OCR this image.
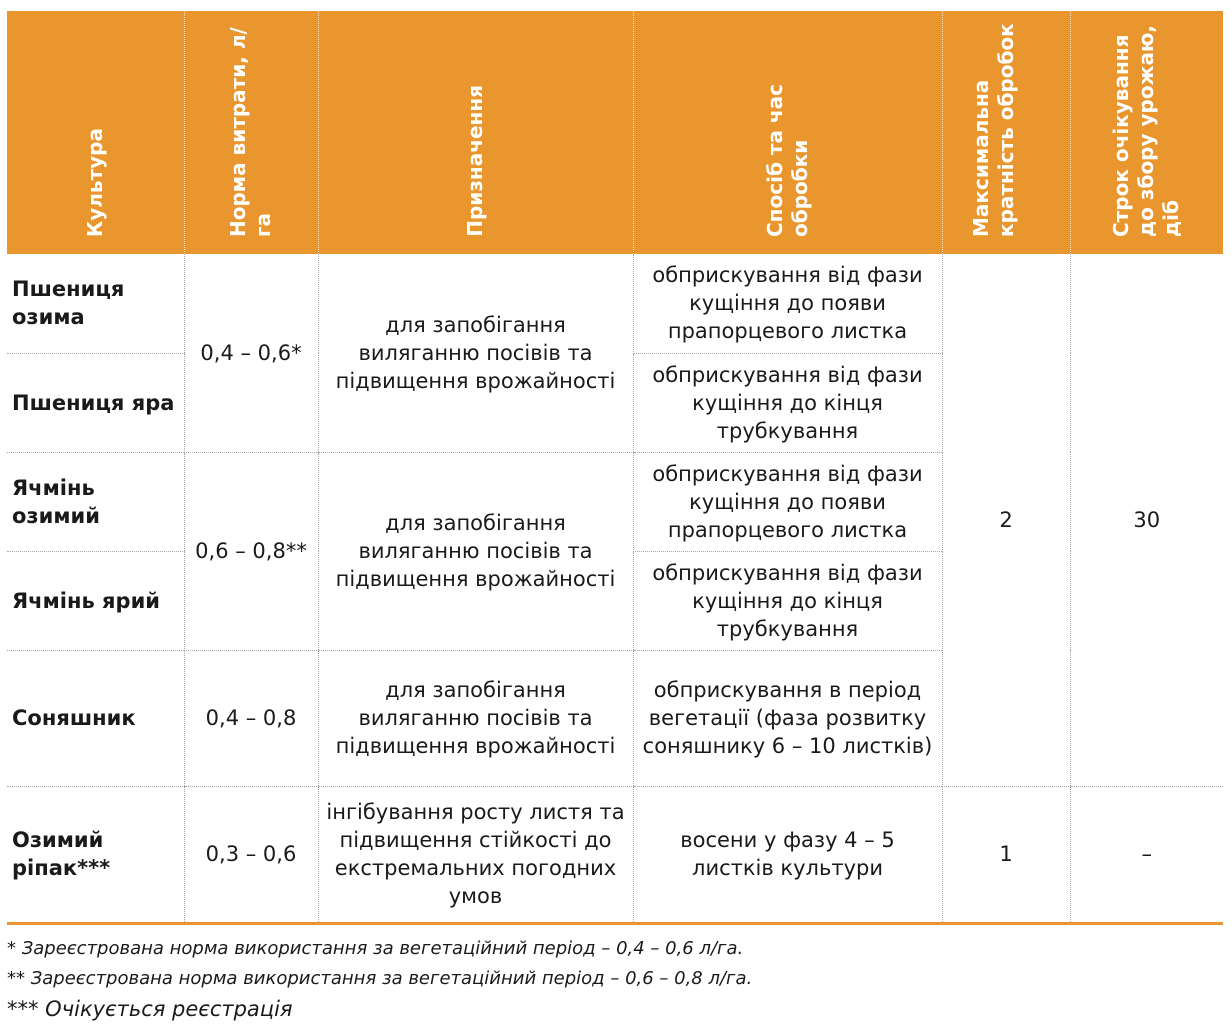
Культура	Норма витрати, л/га	Призначення	Спосіб та час обробки	Максимальна кратність обробок	Строк очікування до збору урожаю, діб
Пшениця озима	0,4 – 0,6*	для запобігання виляганню посівів та підвищення врожайності	обприскування від фази кущіння до появи прапорцевого листка	2	30
Пшениця яра			обприскування від фази кущіння до кінця трубкування		
Ячмінь озимий	0,6 – 0,8**	для запобігання виляганню посівів та підвищення врожайності	обприскування від фази кущіння до появи прапорцевого листка		
Ячмінь ярий			обприскування від фази кущіння до кінця трубкування		
Соняшник	0,4 – 0,8	для запобігання виляганню посівів та підвищення врожайності	обприскування в період вегетації (фаза розвитку соняшнику 6 – 10 листків)		
Озимий ріпак***	0,3 – 0,6	інгібування росту листя та підвищення стійкості до екстремальних погодних умов	восени у фазу 4 – 5 листків культури	1	–
* Зареєстрована норма використання за вегетаційний період – 0,4 – 0,6 л/га.
** Зареєстрована норма використання за вегетаційний період – 0,6 – 0,8 л/га.
*** Очікується реєстрація
